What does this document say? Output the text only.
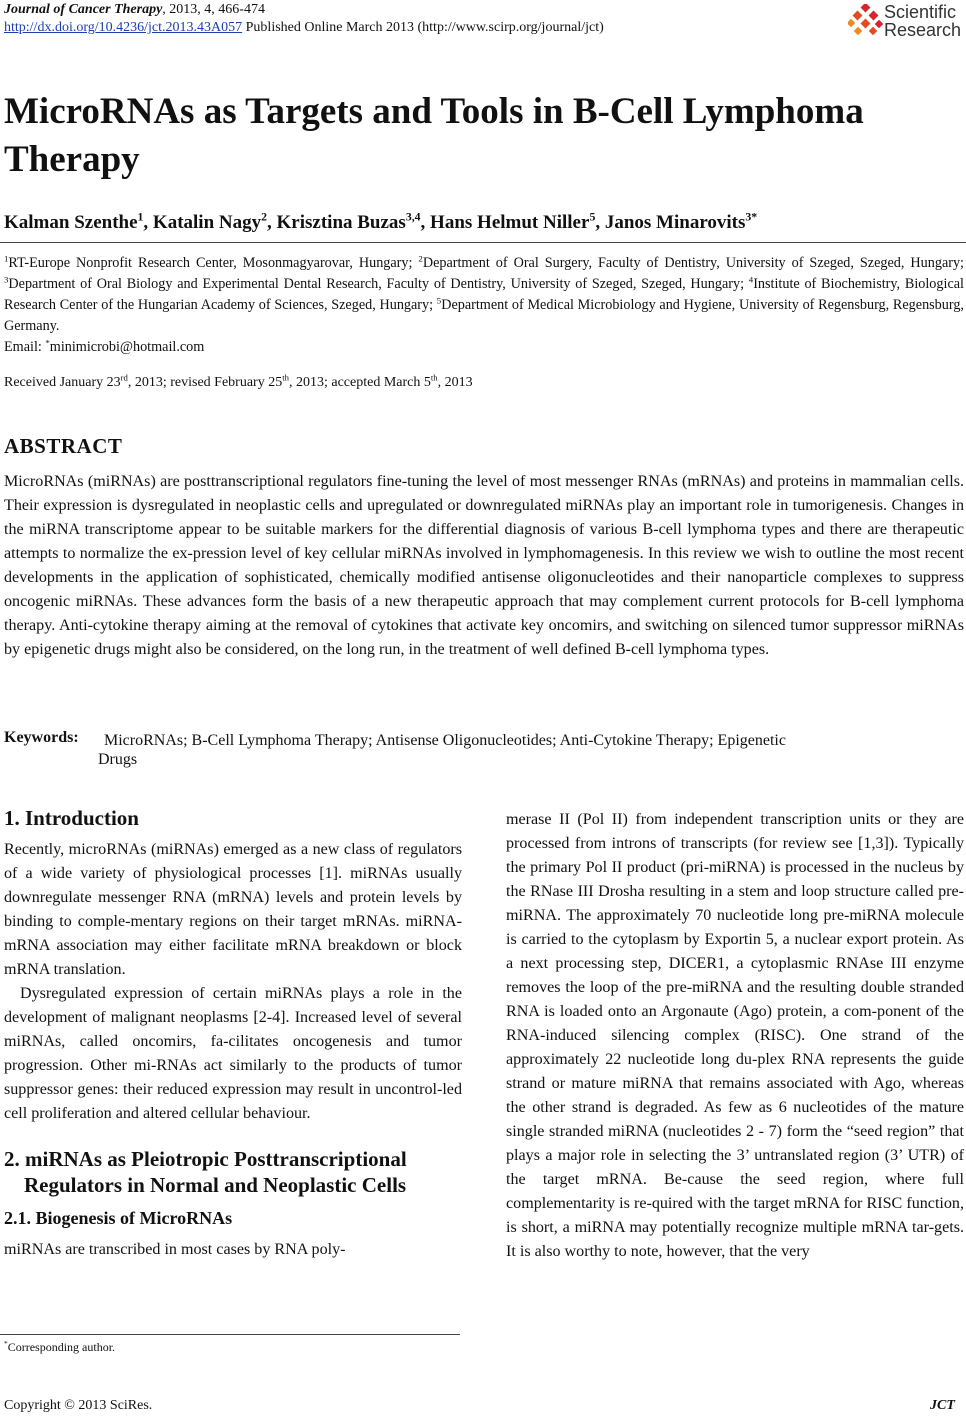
Journal of Cancer Therapy, 2013, 4, 466-474
http://dx.doi.org/10.4236/jct.2013.43A057 Published Online March 2013 (http://www.scirp.org/journal/jct)
Scientific
Research
MicroRNAs as Targets and Tools in B-Cell Lymphoma Therapy
Kalman Szenthe$^1$, Katalin Nagy$^2$, Krisztina Buzas$^{3,4}$, Hans Helmut Niller$^5$, Janos Minarovits$^{3*}$
$^1$RT-Europe Nonprofit Research Center, Mosonmagyarovar, Hungary; $^2$Department of Oral Surgery, Faculty of Dentistry, University of Szeged, Szeged, Hungary; $^3$Department of Oral Biology and Experimental Dental Research, Faculty of Dentistry, University of Szeged, Szeged, Hungary; $^4$Institute of Biochemistry, Biological Research Center of the Hungarian Academy of Sciences, Szeged, Hungary; $^5$Department of Medical Microbiology and Hygiene, University of Regensburg, Regensburg, Germany.
Email: *minimicrobi@hotmail.com
Received January 23rd, 2013; revised February 25th, 2013; accepted March 5th, 2013
ABSTRACT
MicroRNAs (miRNAs) are posttranscriptional regulators fine-tuning the level of most messenger RNAs (mRNAs) and proteins in mammalian cells. Their expression is dysregulated in neoplastic cells and upregulated or downregulated miRNAs play an important role in tumorigenesis. Changes in the miRNA transcriptome appear to be suitable markers for the differential diagnosis of various B-cell lymphoma types and there are therapeutic attempts to normalize the ex-pression level of key cellular miRNAs involved in lymphomagenesis. In this review we wish to outline the most recent developments in the application of sophisticated, chemically modified antisense oligonucleotides and their nanoparticle complexes to suppress oncogenic miRNAs. These advances form the basis of a new therapeutic approach that may complement current protocols for B-cell lymphoma therapy. Anti-cytokine therapy aiming at the removal of cytokines that activate key oncomirs, and switching on silenced tumor suppressor miRNAs by epigenetic drugs might also be considered, on the long run, in the treatment of well defined B-cell lymphoma types.
Keywords: MicroRNAs; B-Cell Lymphoma Therapy; Antisense Oligonucleotides; Anti-Cytokine Therapy; Epigenetic
Drugs
1. Introduction

Recently, microRNAs (miRNAs) emerged as a new class of regulators of a wide variety of physiological processes [1]. miRNAs usually downregulate messenger RNA (mRNA) levels and protein levels by binding to comple-mentary regions on their target mRNAs. miRNA-mRNA association may either facilitate mRNA breakdown or block mRNA translation.

Dysregulated expression of certain miRNAs plays a role in the development of malignant neoplasms [2-4]. Increased level of several miRNAs, called oncomirs, fa-cilitates oncogenesis and tumor progression. Other mi-RNAs act similarly to the products of tumor suppressor genes: their reduced expression may result in uncontrol-led cell proliferation and altered cellular behaviour.

2. miRNAs as Pleiotropic Posttranscriptional
Regulators in Normal and Neoplastic Cells
2.1. Biogenesis of MicroRNAs

miRNAs are transcribed in most cases by RNA poly-

merase II (Pol II) from independent transcription units or they are processed from introns of transcripts (for review see [1,3]). Typically the primary Pol II product (pri-miRNA) is processed in the nucleus by the RNase III Drosha resulting in a stem and loop structure called pre-miRNA. The approximately 70 nucleotide long pre-miRNA molecule is carried to the cytoplasm by Exportin 5, a nuclear export protein. As a next processing step, DICER1, a cytoplasmic RNAse III enzyme removes the loop of the pre-miRNA and the resulting double stranded RNA is loaded onto an Argonaute (Ago) protein, a com-ponent of the RNA-induced silencing complex (RISC). One strand of the approximately 22 nucleotide long du-plex RNA represents the guide strand or mature miRNA that remains associated with Ago, whereas the other strand is degraded. As few as 6 nucleotides of the mature single stranded miRNA (nucleotides 2 - 7) form the “seed region” that plays a major role in selecting the 3’ untranslated region (3’ UTR) of the target mRNA. Be-cause the seed region, where full complementarity is re-quired with the target mRNA for RISC function, is short, a miRNA may potentially recognize multiple mRNA tar-gets. It is also worthy to note, however, that the very

*Corresponding author.
Copyright © 2013 SciRes.	JCT
